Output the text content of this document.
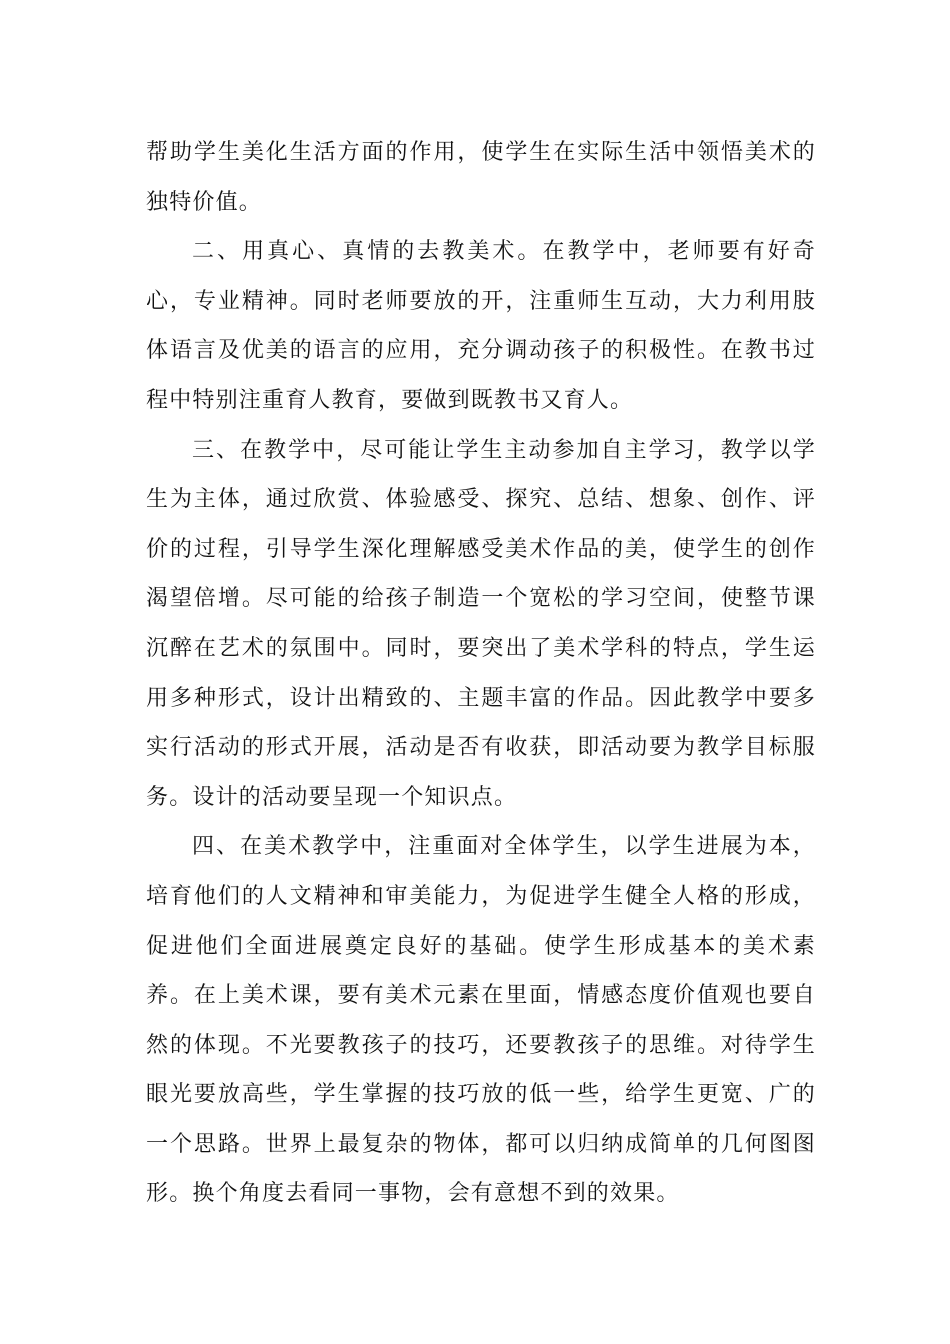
帮助学生美化生活方面的作用，使学生在实际生活中领悟美术的独特价值。

二、用真心、真情的去教美术。在教学中，老师要有好奇心，专业精神。同时老师要放的开，注重师生互动，大力利用肢体语言及优美的语言的应用，充分调动孩子的积极性。在教书过程中特别注重育人教育，要做到既教书又育人。

三、在教学中，尽可能让学生主动参加自主学习，教学以学生为主体，通过欣赏、体验感受、探究、总结、想象、创作、评价的过程，引导学生深化理解感受美术作品的美，使学生的创作渴望倍增。尽可能的给孩子制造一个宽松的学习空间，使整节课沉醉在艺术的氛围中。同时，要突出了美术学科的特点，学生运用多种形式，设计出精致的、主题丰富的作品。因此教学中要多实行活动的形式开展，活动是否有收获，即活动要为教学目标服务。设计的活动要呈现一个知识点。

四、在美术教学中，注重面对全体学生，以学生进展为本，培育他们的人文精神和审美能力，为促进学生健全人格的形成，促进他们全面进展奠定良好的基础。使学生形成基本的美术素养。在上美术课，要有美术元素在里面，情感态度价值观也要自然的体现。不光要教孩子的技巧，还要教孩子的思维。对待学生眼光要放高些，学生掌握的技巧放的低一些，给学生更宽、广的一个思路。世界上最复杂的物体，都可以归纳成简单的几何图图形。换个角度去看同一事物，会有意想不到的效果。
